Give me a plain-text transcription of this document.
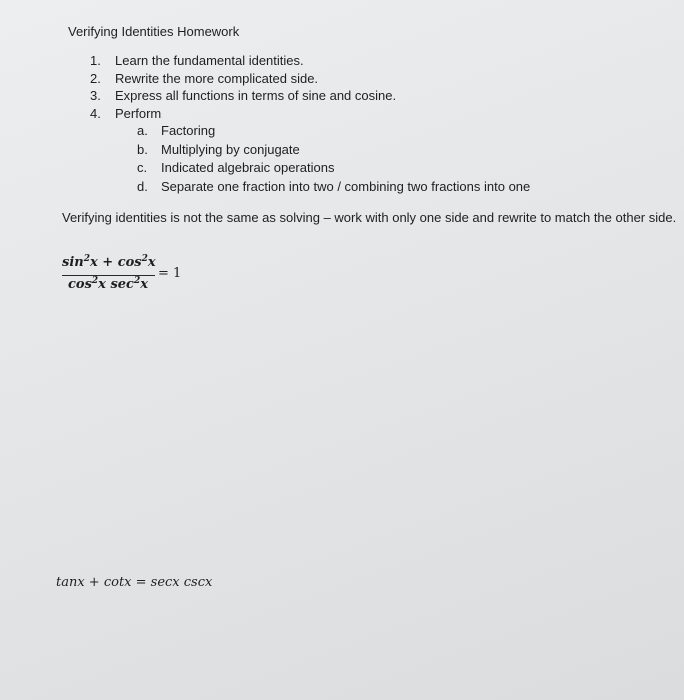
Verifying Identities Homework
1.	Learn the fundamental identities.
2.	Rewrite the more complicated side.
3.	Express all functions in terms of sine and cosine.
4.	Perform
a.	Factoring
b.	Multiplying by conjugate
c.	Indicated algebraic operations
d.	Separate one fraction into two / combining two fractions into one
Verifying identities is not the same as solving – work with only one side and rewrite to match the other side.
$\sin^2x + \cos^2x$
$\cos^2x$ $\sec^2x$
= 1
tanx + cotx = secx cscx
